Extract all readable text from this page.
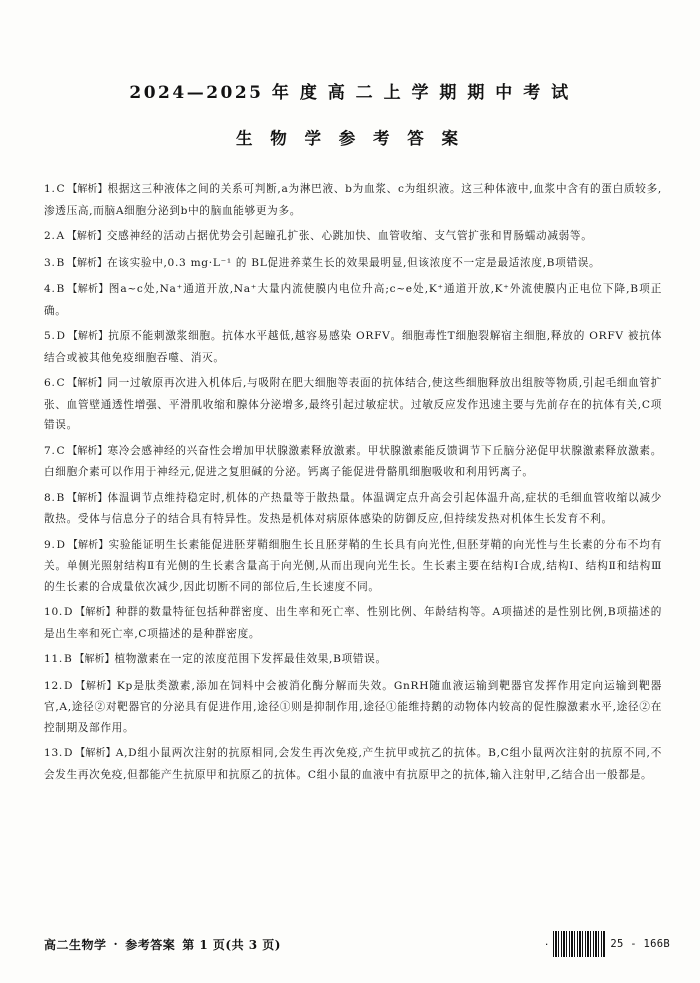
2024—2025 年 度 高 二 上 学 期 期 中 考 试
生 物 学 参 考 答 案
1.C 【解析】根据这三种液体之间的关系可判断,a为淋巴液、b为血浆、c为组织液。这三种体液中,血浆中含有的蛋白质较多,渗透压高,而脑A细胞分泌到b中的脑血能够更为多。
2.A 【解析】交感神经的活动占据优势会引起瞳孔扩张、心跳加快、血管收缩、支气管扩张和胃肠蠕动减弱等。
3.B 【解析】在该实验中,0.3 mg·L⁻¹ 的 BL促进养菜生长的效果最明显,但该浓度不一定是最适浓度,B项错误。
4.B 【解析】图a~c处,Na⁺通道开放,Na⁺大量内流使膜内电位升高;c~e处,K⁺通道开放,K⁺外流使膜内正电位下降,B项正确。
5.D 【解析】抗原不能刺激浆细胞。抗体水平越低,越容易感染 ORFV。细胞毒性T细胞裂解宿主细胞,释放的 ORFV 被抗体结合或被其他免疫细胞吞噬、消灭。
6.C 【解析】同一过敏原再次进入机体后,与吸附在肥大细胞等表面的抗体结合,使这些细胞释放出组胺等物质,引起毛细血管扩张、血管壁通透性增强、平滑肌收缩和腺体分泌增多,最终引起过敏症状。过敏反应发作迅速主要与先前存在的抗体有关,C项错误。
7.C 【解析】寒冷会感神经的兴奋性会增加甲状腺激素释放激素。甲状腺激素能反馈调节下丘脑分泌促甲状腺激素释放激素。白细胞介素可以作用于神经元,促进之复胆碱的分泌。钙离子能促进骨骼肌细胞吸收和利用钙离子。
8.B 【解析】体温调节点维持稳定时,机体的产热量等于散热量。体温调定点升高会引起体温升高,症状的毛细血管收缩以减少散热。受体与信息分子的结合具有特异性。发热是机体对病原体感染的防御反应,但持续发热对机体生长发育不利。
9.D 【解析】实验能证明生长素能促进胚芽鞘细胞生长且胚芽鞘的生长具有向光性,但胚芽鞘的向光性与生长素的分布不均有关。单侧光照射结构Ⅱ有光侧的生长素含量高于向光侧,从而出现向光生长。生长素主要在结构Ⅰ合成,结构Ⅰ、结构Ⅱ和结构Ⅲ的生长素的合成量依次减少,因此切断不同的部位后,生长速度不同。
10.D 【解析】种群的数量特征包括种群密度、出生率和死亡率、性别比例、年龄结构等。A项描述的是性别比例,B项描述的是出生率和死亡率,C项描述的是种群密度。
11.B 【解析】植物激素在一定的浓度范围下发挥最佳效果,B项错误。
12.D 【解析】Kp是肽类激素,添加在饲料中会被消化酶分解而失效。GnRH随血液运输到靶器官发挥作用定向运输到靶器官,A,途径②对靶器官的分泌具有促进作用,途径①则是抑制作用,途径①能维持鹅的动物体内较高的促性腺激素水平,途径②在控制期及部作用。
13.D 【解析】A,D组小鼠两次注射的抗原相同,会发生再次免疫,产生抗甲或抗乙的抗体。B,C组小鼠两次注射的抗原不同,不会发生再次免疫,但都能产生抗原甲和抗原乙的抗体。C组小鼠的血液中有抗原甲之的抗体,输入注射甲,乙结合出一般都是。
高二生物学 · 参考答案 第 1 页(共 3 页)	·	25 - 166B
